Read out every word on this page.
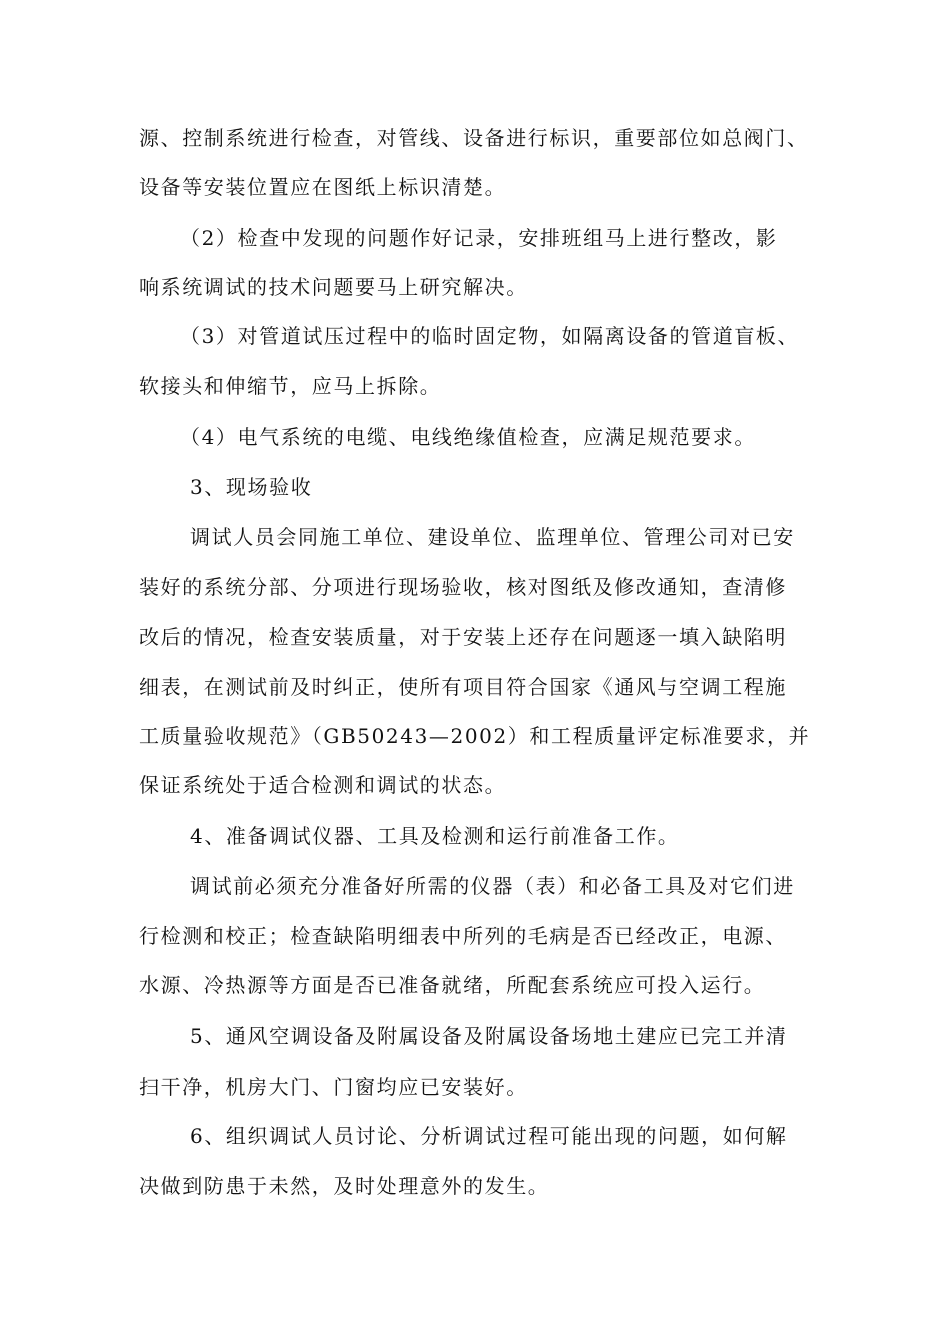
源、控制系统进行检查，对管线、设备进行标识，重要部位如总阀门、
设备等安装位置应在图纸上标识清楚。
（2）检查中发现的问题作好记录，安排班组马上进行整改，影
响系统调试的技术问题要马上研究解决。
（3）对管道试压过程中的临时固定物，如隔离设备的管道盲板、
软接头和伸缩节，应马上拆除。
（4）电气系统的电缆、电线绝缘值检查，应满足规范要求。
3、现场验收
调试人员会同施工单位、建设单位、监理单位、管理公司对已安
装好的系统分部、分项进行现场验收，核对图纸及修改通知，查清修
改后的情况，检查安装质量，对于安装上还存在问题逐一填入缺陷明
细表，在测试前及时纠正，使所有项目符合国家《通风与空调工程施
工质量验收规范》（GB50243—2002）和工程质量评定标准要求，并
保证系统处于适合检测和调试的状态。
4、准备调试仪器、工具及检测和运行前准备工作。
调试前必须充分准备好所需的仪器（表）和必备工具及对它们进
行检测和校正；检查缺陷明细表中所列的毛病是否已经改正，电源、
水源、冷热源等方面是否已准备就绪，所配套系统应可投入运行。
5、通风空调设备及附属设备及附属设备场地土建应已完工并清
扫干净，机房大门、门窗均应已安装好。
6、组织调试人员讨论、分析调试过程可能出现的问题，如何解
决做到防患于未然，及时处理意外的发生。
